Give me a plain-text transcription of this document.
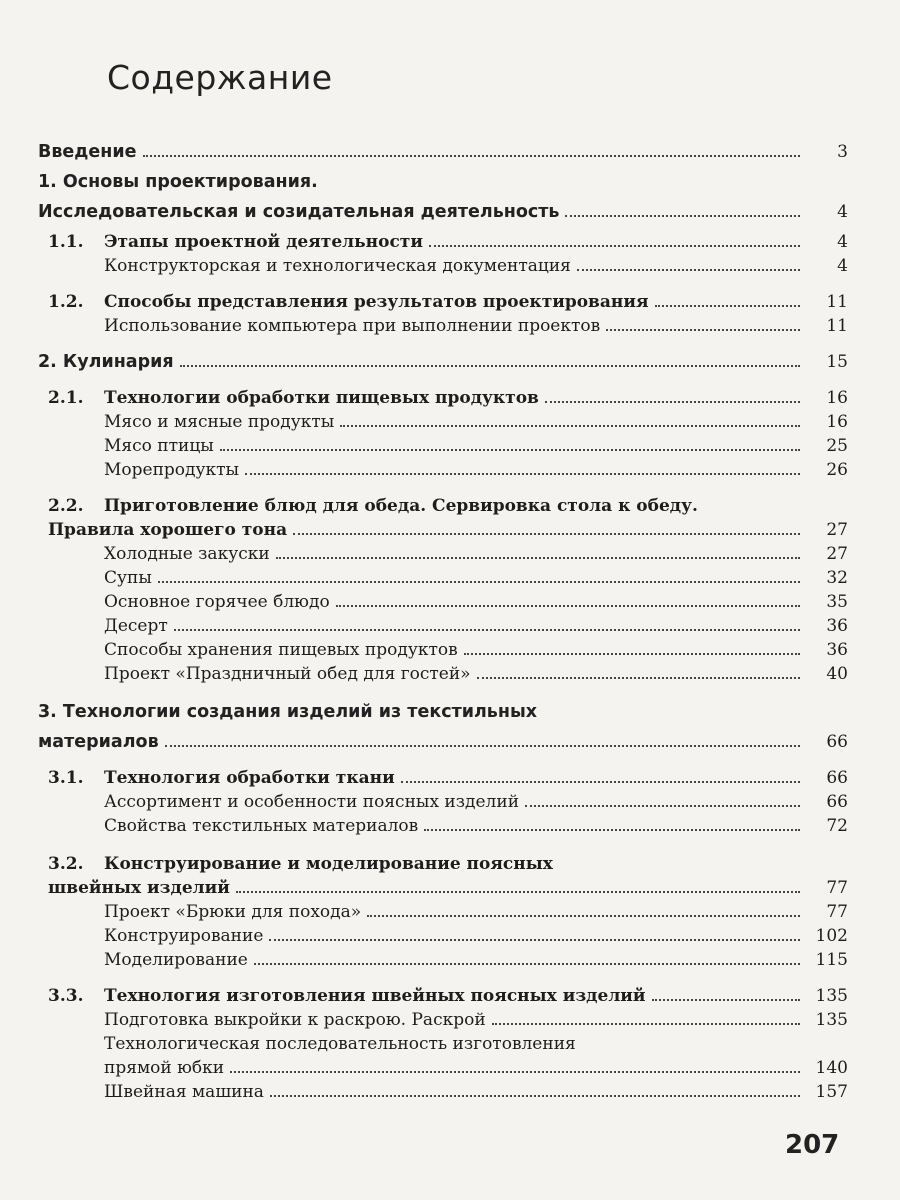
Содержание
Введение	3
1. Основы проектирования.
Исследовательская и созидательная деятельность	4
1.1.	Этапы проектной деятельности	4
Конструкторская и технологическая документация	4
1.2.	Способы представления результатов проектирования	11
Использование компьютера при выполнении проектов	11
2. Кулинария	15
2.1.	Технологии обработки пищевых продуктов	16
Мясо и мясные продукты	16
Мясо птицы	25
Морепродукты	26
2.2.	Приготовление блюд для обеда. Сервировка стола к обеду.
Правила хорошего тона	27
Холодные закуски	27
Супы	32
Основное горячее блюдо	35
Десерт	36
Способы хранения пищевых продуктов	36
Проект «Праздничный обед для гостей»	40
3. Технологии создания изделий из текстильных
материалов	66
3.1.	Технология обработки ткани	66
Ассортимент и особенности поясных изделий	66
Свойства текстильных материалов	72
3.2.	Конструирование и моделирование поясных
швейных изделий	77
Проект «Брюки для похода»	77
Конструирование	102
Моделирование	115
3.3.	Технология изготовления швейных поясных изделий	135
Подготовка выкройки к раскрою. Раскрой	135
Технологическая последовательность изготовления
прямой юбки	140
Швейная машина	157
207
